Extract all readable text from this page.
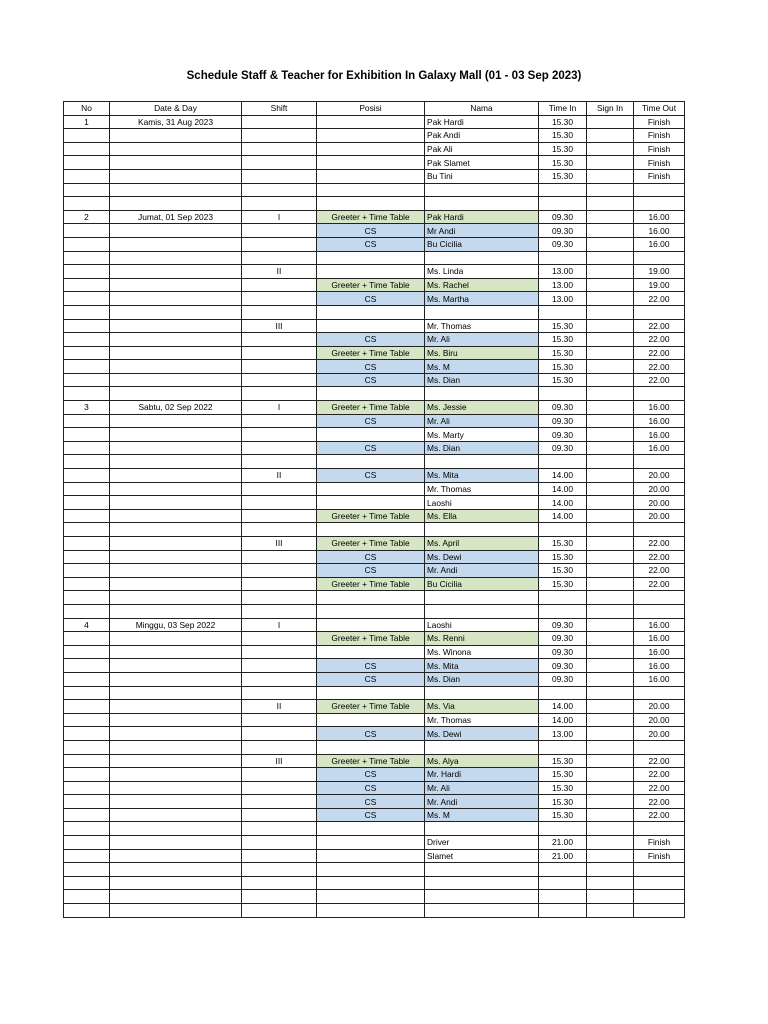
Schedule Staff & Teacher for Exhibition In Galaxy Mall (01 - 03 Sep 2023)
No	Date & Day	Shift	Posisi	Nama	Time In	Sign In	Time Out
1	Kamis, 31 Aug 2023			Pak Hardi	15.30		Finish
				Pak Andi	15.30		Finish
				Pak Ali	15.30		Finish
				Pak Slamet	15.30		Finish
				Bu Tini	15.30		Finish

2	Jumat, 01 Sep 2023	I	Greeter + Time Table	Pak Hardi	09.30		16.00
			CS	Mr Andi	09.30		16.00
			CS	Bu Cicilia	09.30		16.00

		II		Ms. Linda	13.00		19.00
			Greeter + Time Table	Ms. Rachel	13.00		19.00
			CS	Ms. Martha	13.00		22.00

		III		Mr. Thomas	15.30		22.00
			CS	Mr. Ali	15.30		22.00
			Greeter + Time Table	Ms. Biru	15.30		22.00
			CS	Ms. M	15.30		22.00
			CS	Ms. Dian	15.30		22.00

3	Sabtu, 02 Sep 2022	I	Greeter + Time Table	Ms. Jessie	09.30		16.00
			CS	Mr. Ali	09.30		16.00
				Ms. Marty	09.30		16.00
			CS	Ms. Dian	09.30		16.00

		II	CS	Ms. Mita	14.00		20.00
				Mr. Thomas	14.00		20.00
				Laoshi	14.00		20.00
			Greeter + Time Table	Ms. Ella	14.00		20.00

		III	Greeter + Time Table	Ms. April	15.30		22.00
			CS	Ms. Dewi	15.30		22.00
			CS	Mr. Andi	15.30		22.00
			Greeter + Time Table	Bu Cicilia	15.30		22.00

4	Minggu, 03 Sep 2022	I		Laoshi	09.30		16.00
			Greeter + Time Table	Ms. Renni	09.30		16.00
				Ms. Winona	09.30		16.00
			CS	Ms. Mita	09.30		16.00
			CS	Ms. Dian	09.30		16.00

		II	Greeter + Time Table	Ms. Via	14.00		20.00
				Mr. Thomas	14.00		20.00
			CS	Ms. Dewi	13.00		20.00

		III	Greeter + Time Table	Ms. Alya	15.30		22.00
			CS	Mr. Hardi	15.30		22.00
			CS	Mr. Ali	15.30		22.00
			CS	Mr. Andi	15.30		22.00
			CS	Ms. M	15.30		22.00

				Driver	21.00		Finish
				Slamet	21.00		Finish
